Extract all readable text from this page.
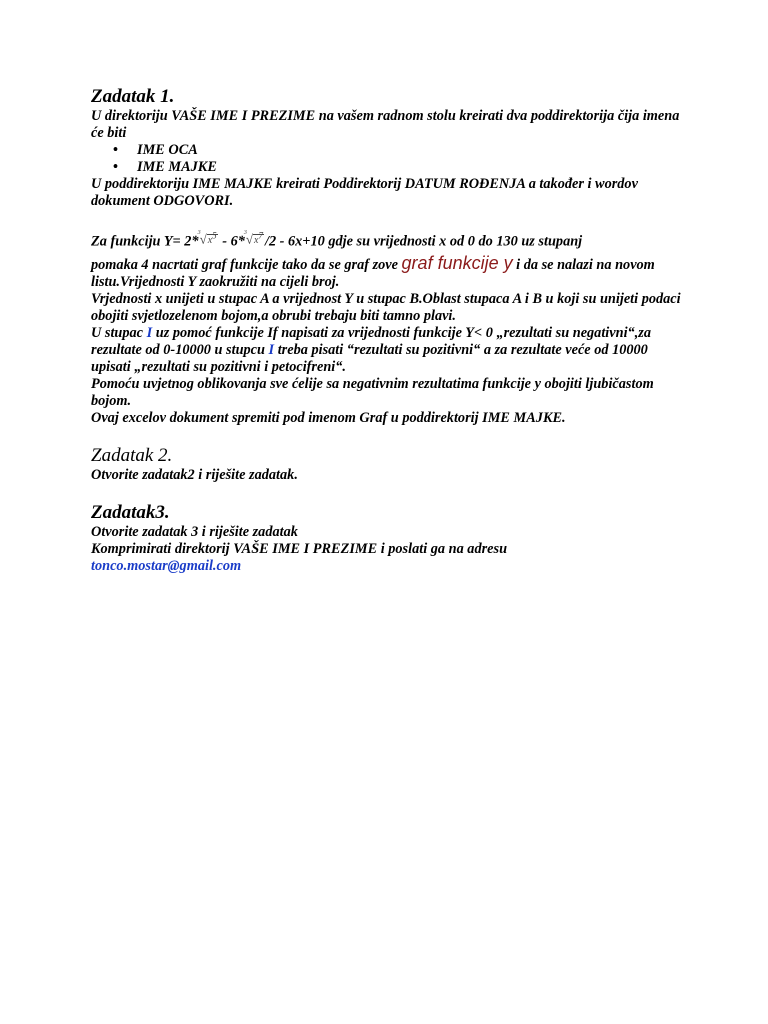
Zadatak 1.

U direktoriju VAŠE IME I PREZIME na vašem radnom stolu kreirati dva poddirektorija čija imena će biti

• IME OCA
• IME MAJKE

U poddirektoriju IME MAJKE kreirati Poddirektorij DATUM ROĐENJA a također i wordov dokument ODGOVORI.

Za funkciju Y= 2*
3 $√x^5 - 6*$
3 $√x^7$ /2 - 6x+10 gdje su vrijednosti x od 0 do 130 uz stupanj

pomaka 4 nacrtati graf funkcije tako da se graf zove graf funkcije y i da se nalazi na novom listu.Vrijednosti Y zaokružiti na cijeli broj.

Vrjednosti x unijeti u stupac A a vrijednost Y u stupac B.Oblast stupaca A i B u koji su unijeti podaci obojiti svjetlozelenom bojom,a obrubi trebaju biti tamno plavi.

U stupac I uz pomoć funkcije If napisati za vrijednosti funkcije Y< 0 „rezultati su negativni“,za rezultate od 0-10000 u stupcu I treba pisati “rezultati su pozitivni“ a za rezultate veće od 10000 upisati „rezultati su pozitivni i petocifreni“.

Pomoću uvjetnog oblikovanja sve ćelije sa negativnim rezultatima funkcije y obojiti ljubičastom bojom.

Ovaj excelov dokument spremiti pod imenom Graf u poddirektorij IME MAJKE.

Zadatak 2.

Otvorite zadatak2 i riješite zadatak.

Zadatak3.

Otvorite zadatak 3 i riješite zadatak

Komprimirati direktorij VAŠE IME I PREZIME i poslati ga na adresu

tonco.mostar@gmail.com
